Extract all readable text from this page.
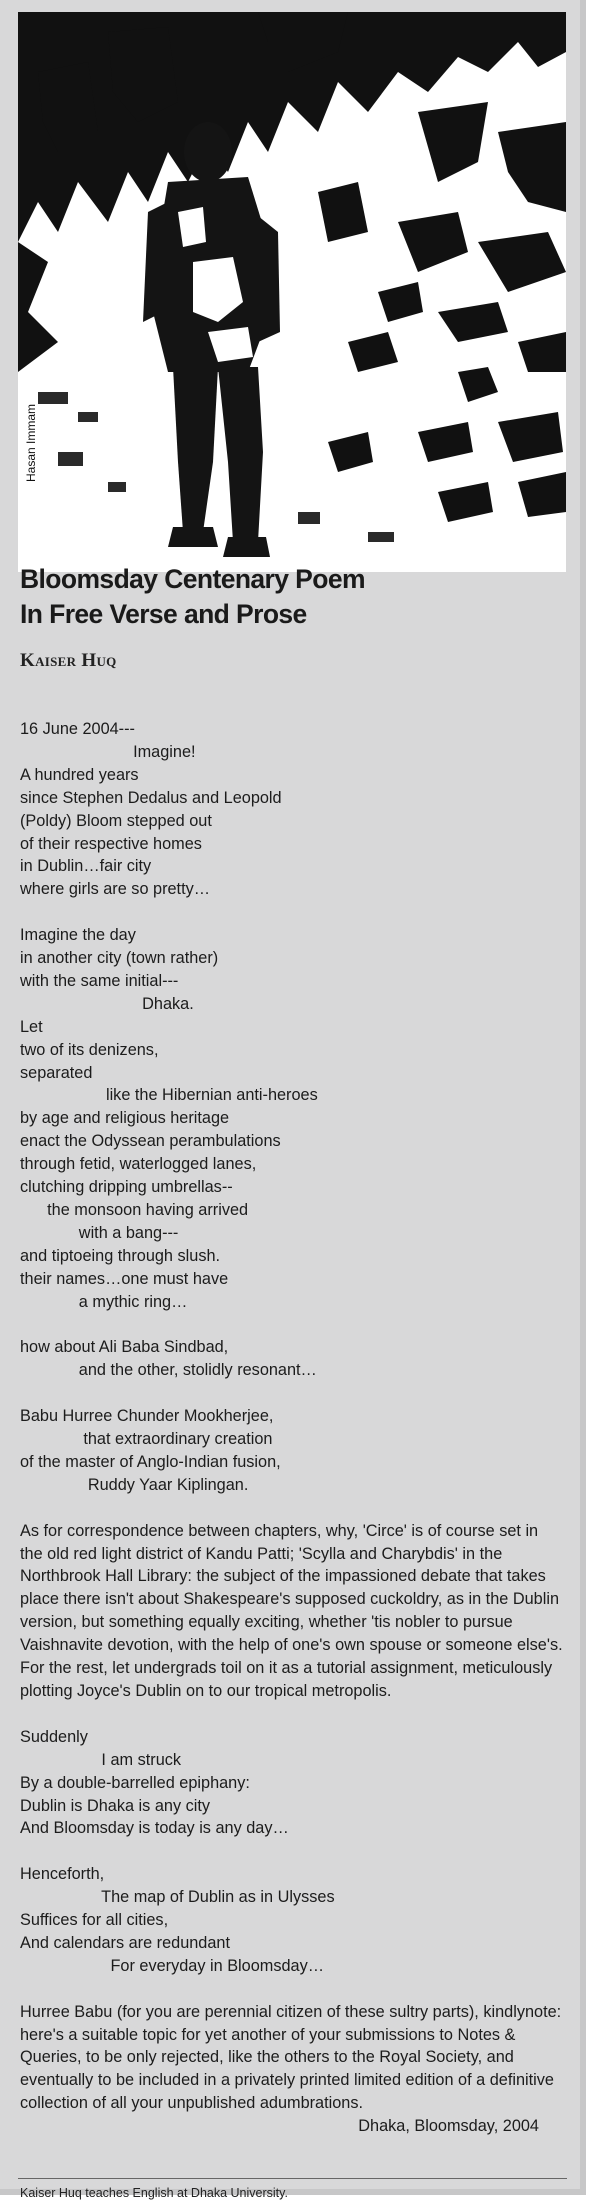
Hasan Immam
Bloomsday Centenary Poem
In Free Verse and Prose
Kaiser Huq
16 June 2004---
Imagine!
A hundred years
since Stephen Dedalus and Leopold
(Poldy) Bloom stepped out
of their respective homes
in Dublin…fair city
where girls are so pretty…
Imagine the day
in another city (town rather)
with the same initial---
Dhaka.
Let
two of its denizens,
separated
like the Hibernian anti-heroes
by age and religious heritage
enact the Odyssean perambulations
through fetid, waterlogged lanes,
clutching dripping umbrellas--
the monsoon having arrived
with a bang---
and tiptoeing through slush.
their names…one must have
a mythic ring…
how about Ali Baba Sindbad,
and the other, stolidly resonant…
Babu Hurree Chunder Mookherjee,
that extraordinary creation
of the master of Anglo-Indian fusion,
Ruddy Yaar Kiplingan.
As for correspondence between chapters, why, 'Circe' is of course set in the old red light district of Kandu Patti; 'Scylla and Charybdis' in the Northbrook Hall Library: the subject of the impassioned debate that takes place there isn't about Shakespeare's supposed cuckoldry, as in the Dublin version, but something equally exciting, whether 'tis nobler to pursue Vaishnavite devotion, with the help of one's own spouse or someone else's. For the rest, let undergrads toil on it as a tutorial assignment, meticulously plotting Joyce's Dublin on to our tropical metropolis.
Suddenly
I am struck
By a double-barrelled epiphany:
Dublin is Dhaka is any city
And Bloomsday is today is any day…
Henceforth,
The map of Dublin as in Ulysses
Suffices for all cities,
And calendars are redundant
For everyday in Bloomsday…
Hurree Babu (for you are perennial citizen of these sultry parts), kindlynote: here's a suitable topic for yet another of your submissions to Notes & Queries, to be only rejected, like the others to the Royal Society, and eventually to be included in a privately printed limited edition of a definitive collection of all your unpublished adumbrations.
Dhaka, Bloomsday, 2004
Kaiser Huq teaches English at Dhaka University.
